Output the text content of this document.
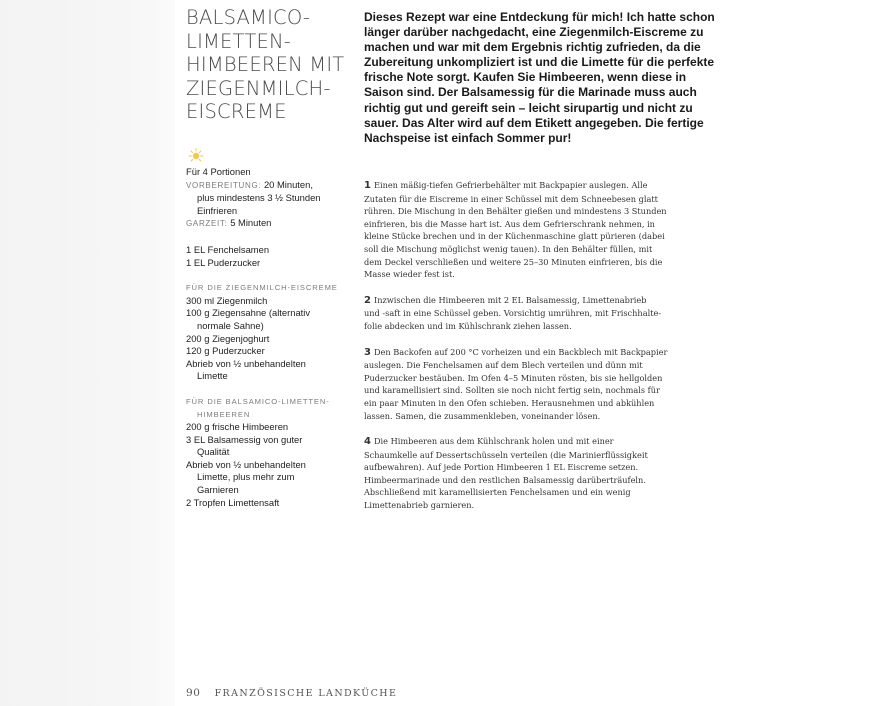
BALSAMICO-
LIMETTEN-
HIMBEEREN MIT
ZIEGENMILCH-
EISCREME
Dieses Rezept war eine Entdeckung für mich! Ich hatte schon
länger darüber nachgedacht, eine Ziegenmilch-Eiscreme zu
machen und war mit dem Ergebnis richtig zufrieden, da die
Zubereitung unkompliziert ist und die Limette für die perfekte
frische Note sorgt. Kaufen Sie Himbeeren, wenn diese in
Saison sind. Der Balsamessig für die Marinade muss auch
richtig gut und gereift sein – leicht sirupartig und nicht zu
sauer. Das Alter wird auf dem Etikett angegeben. Die fertige
Nachspeise ist einfach Sommer pur!
Für 4 Portionen
VORBEREITUNG: 20 Minuten,
plus mindestens 3 ½ Stunden
Einfrieren
GARZEIT: 5 Minuten
1 EL Fenchelsamen
1 EL Puderzucker
FÜR DIE ZIEGENMILCH-EISCREME
300 ml Ziegenmilch
100 g Ziegensahne (alternativ
normale Sahne)
200 g Ziegenjoghurt
120 g Puderzucker
Abrieb von ½ unbehandelten
Limette
FÜR DIE BALSAMICO-LIMETTEN-
HIMBEEREN
200 g frische Himbeeren
3 EL Balsamessig von guter
Qualität
Abrieb von ½ unbehandelten
Limette, plus mehr zum
Garnieren
2 Tropfen Limettensaft
1 Einen mäßig-tiefen Gefrierbehälter mit Backpapier auslegen. Alle
Zutaten für die Eiscreme in einer Schüssel mit dem Schneebesen glatt
rühren. Die Mischung in den Behälter gießen und mindestens 3 Stunden
einfrieren, bis die Masse hart ist. Aus dem Gefrierschrank nehmen, in
kleine Stücke brechen und in der Küchenmaschine glatt pürieren (dabei
soll die Mischung möglichst wenig tauen). In den Behälter füllen, mit
dem Deckel verschließen und weitere 25–30 Minuten einfrieren, bis die
Masse wieder fest ist.
2 Inzwischen die Himbeeren mit 2 EL Balsamessig, Limettenabrieb
und -saft in eine Schüssel geben. Vorsichtig umrühren, mit Frischhalte-
folie abdecken und im Kühlschrank ziehen lassen.
3 Den Backofen auf 200 °C vorheizen und ein Backblech mit Backpapier
auslegen. Die Fenchelsamen auf dem Blech verteilen und dünn mit
Puderzucker bestäuben. Im Ofen 4–5 Minuten rösten, bis sie hellgolden
und karamellisiert sind. Sollten sie noch nicht fertig sein, nochmals für
ein paar Minuten in den Ofen schieben. Herausnehmen und abkühlen
lassen. Samen, die zusammenkleben, voneinander lösen.
4 Die Himbeeren aus dem Kühlschrank holen und mit einer
Schaumkelle auf Dessertschüsseln verteilen (die Marinierflüssigkeit
aufbewahren). Auf jede Portion Himbeeren 1 EL Eiscreme setzen.
Himbeermarinade und den restlichen Balsamessig darüberträufeln.
Abschließend mit karamellisierten Fenchelsamen und ein wenig
Limettenabrieb garnieren.
90 FRANZÖSISCHE LANDKÜCHE
